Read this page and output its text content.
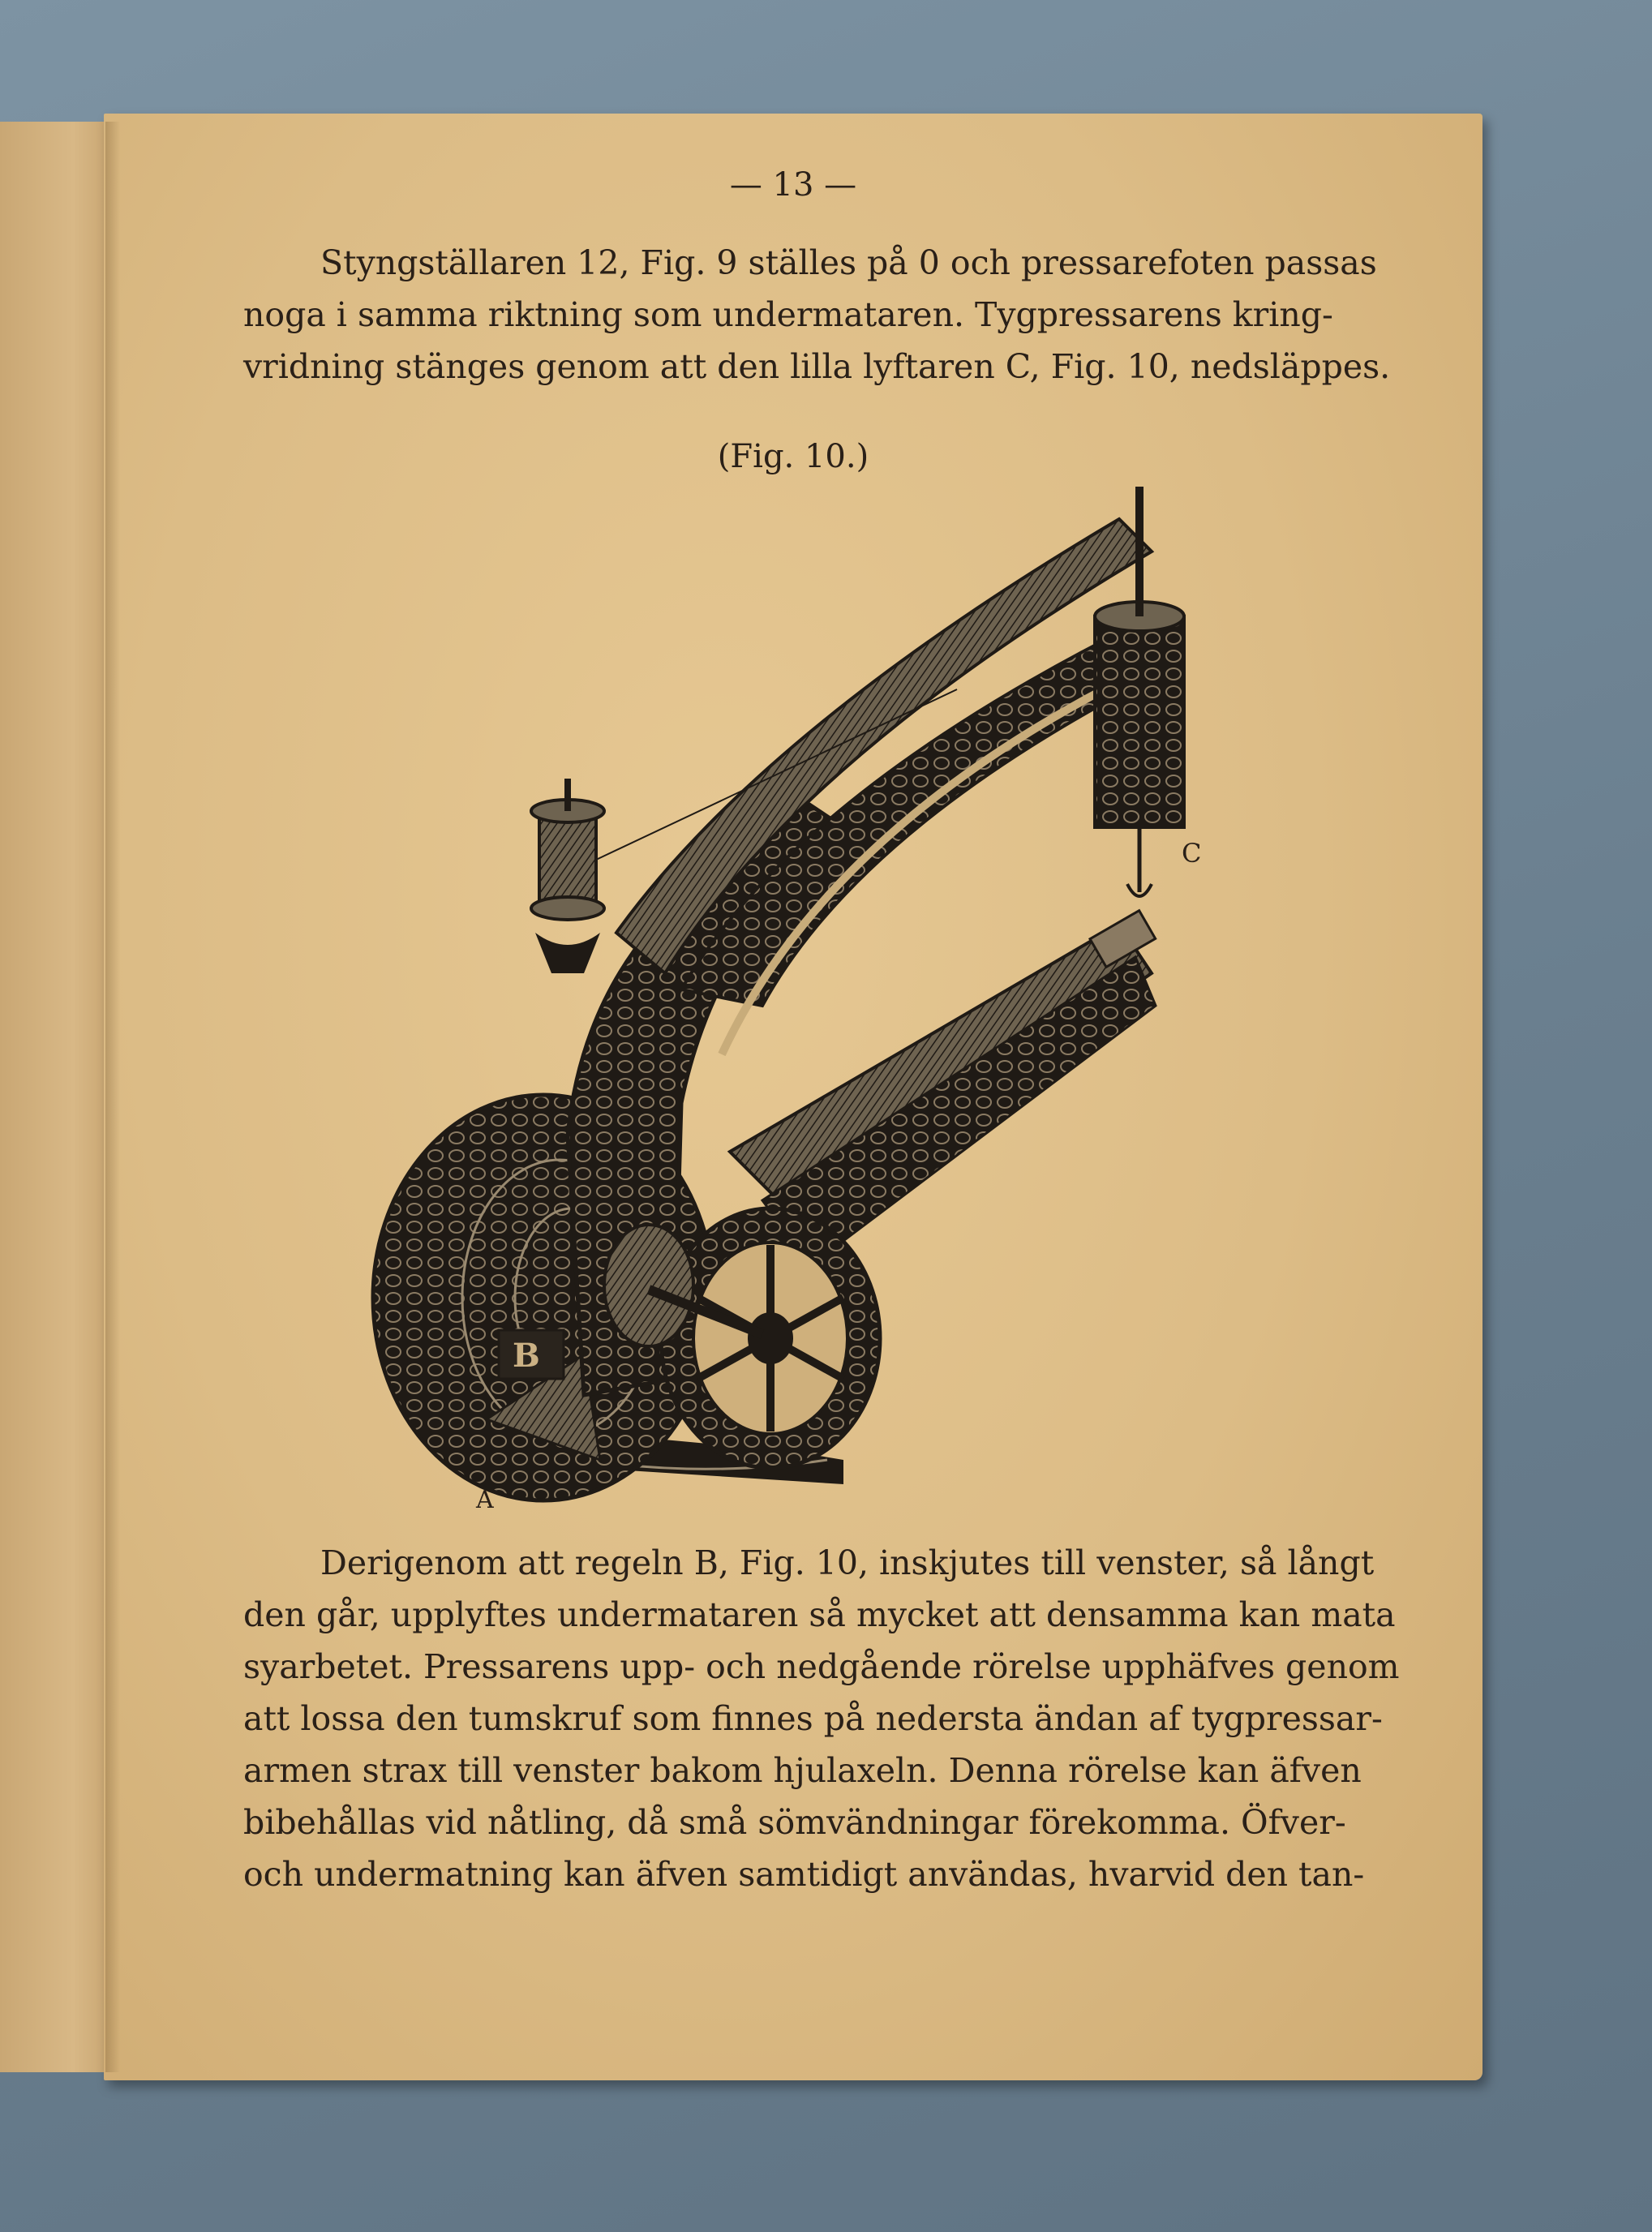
— 13 —
Styngställaren 12, Fig. 9 ställes på 0 och pressarefoten passas
noga i samma riktning som undermataren. Tygpressarens kring-
vridning stänges genom att den lilla lyftaren C, Fig. 10, nedsläppes.
(Fig. 10.)
B
C
A
Derigenom att regeln B, Fig. 10, inskjutes till venster, så långt
den går, upplyftes undermataren så mycket att densamma kan mata
syarbetet. Pressarens upp- och nedgående rörelse upphäfves genom
att lossa den tumskruf som finnes på nedersta ändan af tygpressar-
armen strax till venster bakom hjulaxeln. Denna rörelse kan äfven
bibehållas vid nåtling, då små sömvändningar förekomma. Öfver-
och undermatning kan äfven samtidigt användas, hvarvid den tan-
